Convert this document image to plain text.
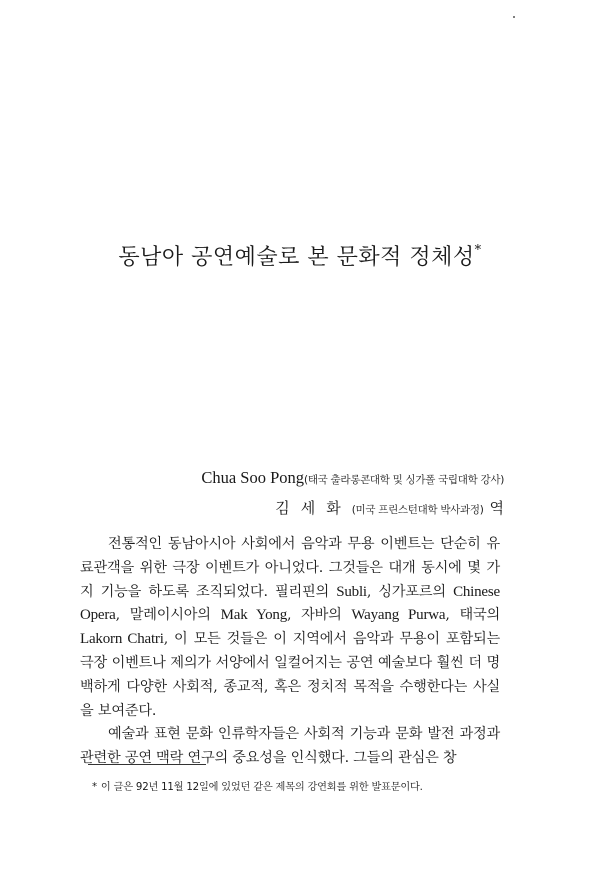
동남아 공연예술로 본 문화적 정체성*
Chua Soo Pong(태국 출라롱콘대학 및 싱가폴 국립대학 강사)
김세화(미국 프린스턴대학 박사과정) 역

전통적인 동남아시아 사회에서 음악과 무용 이벤트는 단순히 유료관객을 위한 극장 이벤트가 아니었다. 그것들은 대개 동시에 몇 가지 기능을 하도록 조직되었다. 필리핀의 Subli, 싱가포르의 Chinese Opera, 말레이시아의 Mak Yong, 자바의 Wayang Purwa, 태국의 Lakorn Chatri, 이 모든 것들은 이 지역에서 음악과 무용이 포함되는 극장 이벤트나 제의가 서양에서 일컬어지는 공연 예술보다 훨씬 더 명백하게 다양한 사회적, 종교적, 혹은 정치적 목적을 수행한다는 사실을 보여준다.

예술과 표현 문화 인류학자들은 사회적 기능과 문화 발전 과정과 관련한 공연 맥락 연구의 중요성을 인식했다. 그들의 관심은 창

* 이 글은 92년 11월 12일에 있었던 같은 제목의 강연회를 위한 발표문이다.
